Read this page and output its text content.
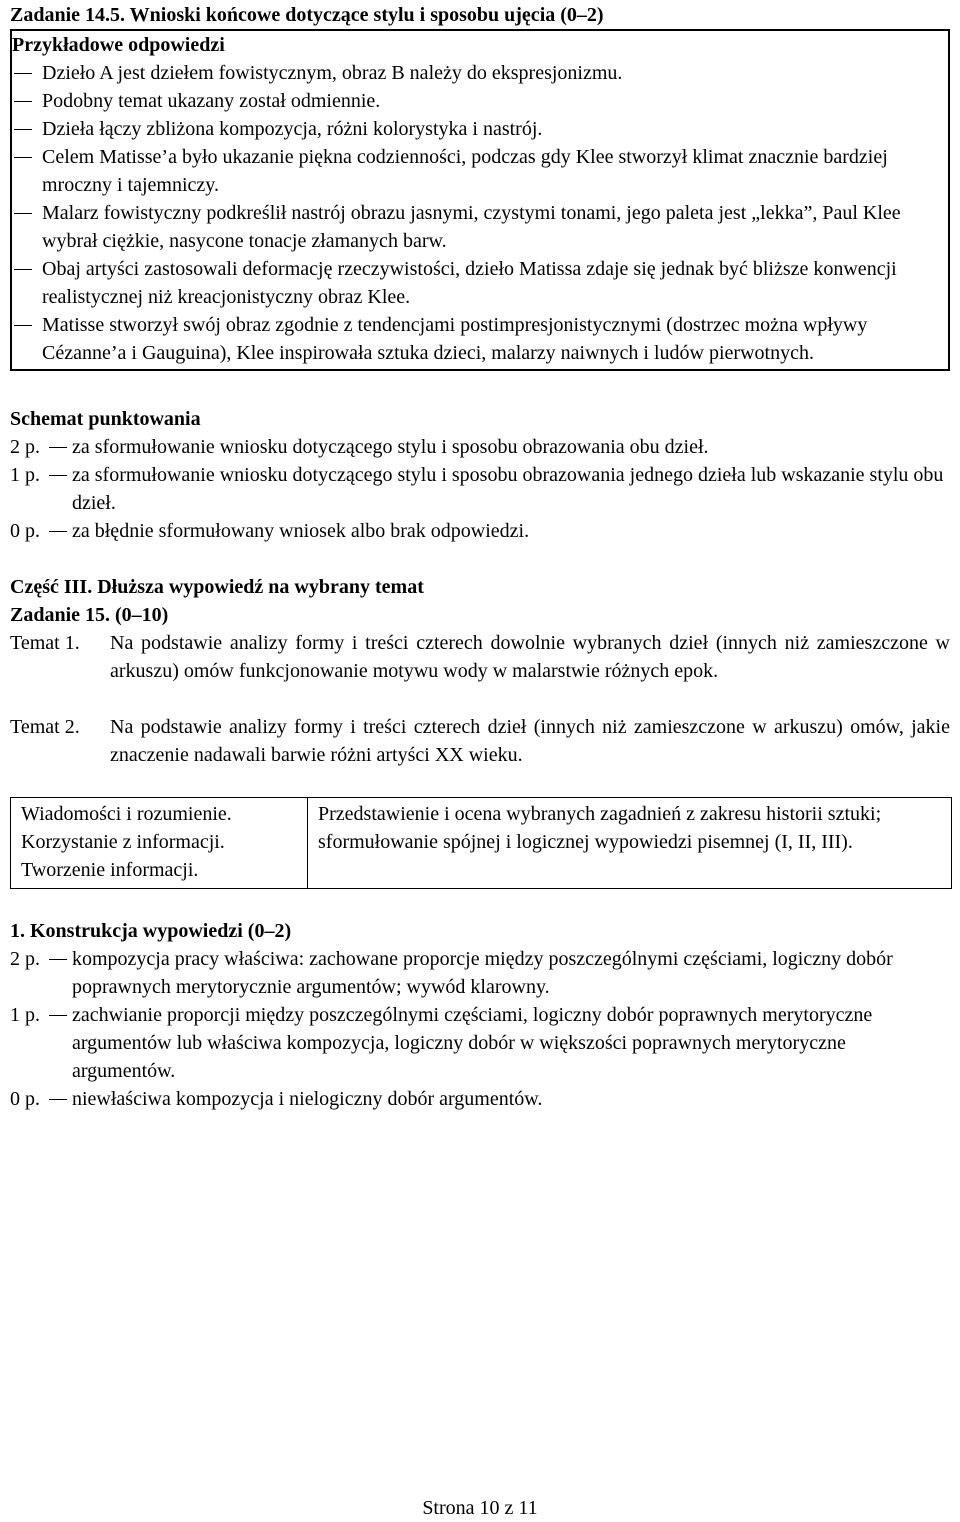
Zadanie 14.5. Wnioski końcowe dotyczące stylu i sposobu ujęcia (0–2)
Przykładowe odpowiedzi
Dzieło A jest dziełem fowistycznym, obraz B należy do ekspresjonizmu.
Podobny temat ukazany został odmiennie.
Dzieła łączy zbliżona kompozycja, różni kolorystyka i nastrój.
Celem Matisse’a było ukazanie piękna codzienności, podczas gdy Klee stworzył klimat znacznie bardziej mroczny i tajemniczy.
Malarz fowistyczny podkreślił nastrój obrazu jasnymi, czystymi tonami, jego paleta jest „lekka”, Paul Klee wybrał ciężkie, nasycone tonacje złamanych barw.
Obaj artyści zastosowali deformację rzeczywistości, dzieło Matissa zdaje się jednak być bliższe konwencji realistycznej niż kreacjonistyczny obraz Klee.
Matisse stworzył swój obraz zgodnie z tendencjami postimpresjonistycznymi (dostrzec można wpływy Cézanne’a i Gauguina), Klee inspirowała sztuka dzieci, malarzy naiwnych i ludów pierwotnych.
Schemat punktowania
2 p. za sformułowanie wniosku dotyczącego stylu i sposobu obrazowania obu dzieł.
1 p. za sformułowanie wniosku dotyczącego stylu i sposobu obrazowania jednego dzieła lub wskazanie stylu obu dzieł.
0 p. za błędnie sformułowany wniosek albo brak odpowiedzi.
Część III. Dłuższa wypowiedź na wybrany temat
Zadanie 15. (0–10)
Temat 1. Na podstawie analizy formy i treści czterech dowolnie wybranych dzieł (innych niż zamieszczone w arkuszu) omów funkcjonowanie motywu wody w malarstwie różnych epok.
Temat 2. Na podstawie analizy formy i treści czterech dzieł (innych niż zamieszczone w arkuszu) omów, jakie znaczenie nadawali barwie różni artyści XX wieku.
Wiadomości i rozumienie.
Korzystanie z informacji.
Tworzenie informacji.
	Przedstawienie i ocena wybranych zagadnień z zakresu historii sztuki; sformułowanie spójnej i logicznej wypowiedzi pisemnej (I, II, III).
1. Konstrukcja wypowiedzi (0–2)
2 p. kompozycja pracy właściwa: zachowane proporcje między poszczególnymi częściami, logiczny dobór poprawnych merytorycznie argumentów; wywód klarowny.
1 p. zachwianie proporcji między poszczególnymi częściami, logiczny dobór poprawnych merytoryczne argumentów lub właściwa kompozycja, logiczny dobór w większości poprawnych merytoryczne argumentów.
0 p. niewłaściwa kompozycja i nielogiczny dobór argumentów.
Strona 10 z 11
